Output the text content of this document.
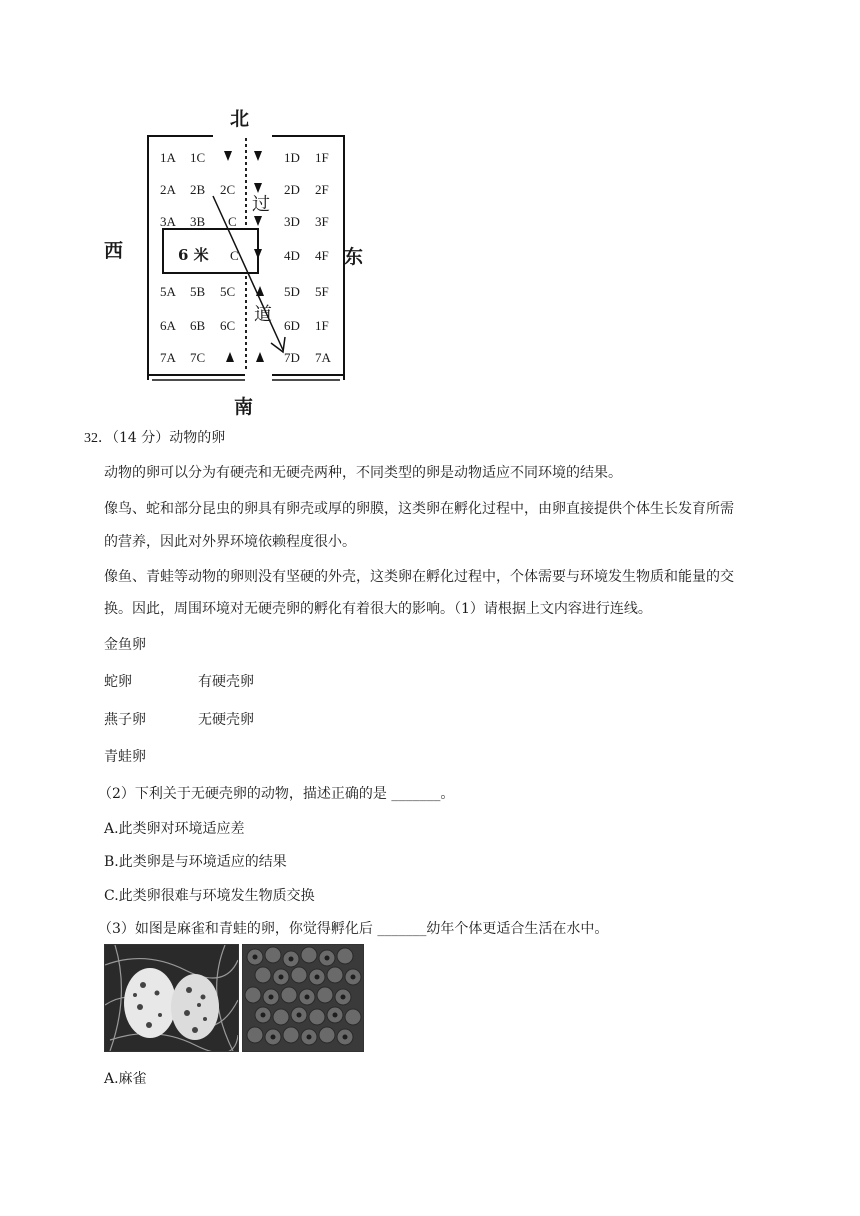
北
西	东
南
6 米
过
道
1A 1C	1D 1F
2A 2B 2C	2D 2F
3A 3B C	3D 3F
C	4D 4F
5A 5B 5C	5D 5F
6A 6B 6C	6D 1F
7A 7C	7D 7A
32．（14 分）动物的卵
动物的卵可以分为有硬壳和无硬壳两种，不同类型的卵是动物适应不同环境的结果。
像鸟、蛇和部分昆虫的卵具有卵壳或厚的卵膜，这类卵在孵化过程中，由卵直接提供个体生长发育所需
的营养，因此对外界环境依赖程度很小。
像鱼、青蛙等动物的卵则没有坚硬的外壳，这类卵在孵化过程中，个体需要与环境发生物质和能量的交
换。因此，周围环境对无硬壳卵的孵化有着很大的影响。（1）请根据上文内容进行连线。
金鱼卵
蛇卵	有硬壳卵
燕子卵	无硬壳卵
青蛙卵
（2）下利关于无硬壳卵的动物，描述正确的是 _______。
A.此类卵对环境适应差
B.此类卵是与环境适应的结果
C.此类卵很难与环境发生物质交换
（3）如图是麻雀和青蛙的卵，你觉得孵化后 _______幼年个体更适合生活在水中。
A.麻雀
